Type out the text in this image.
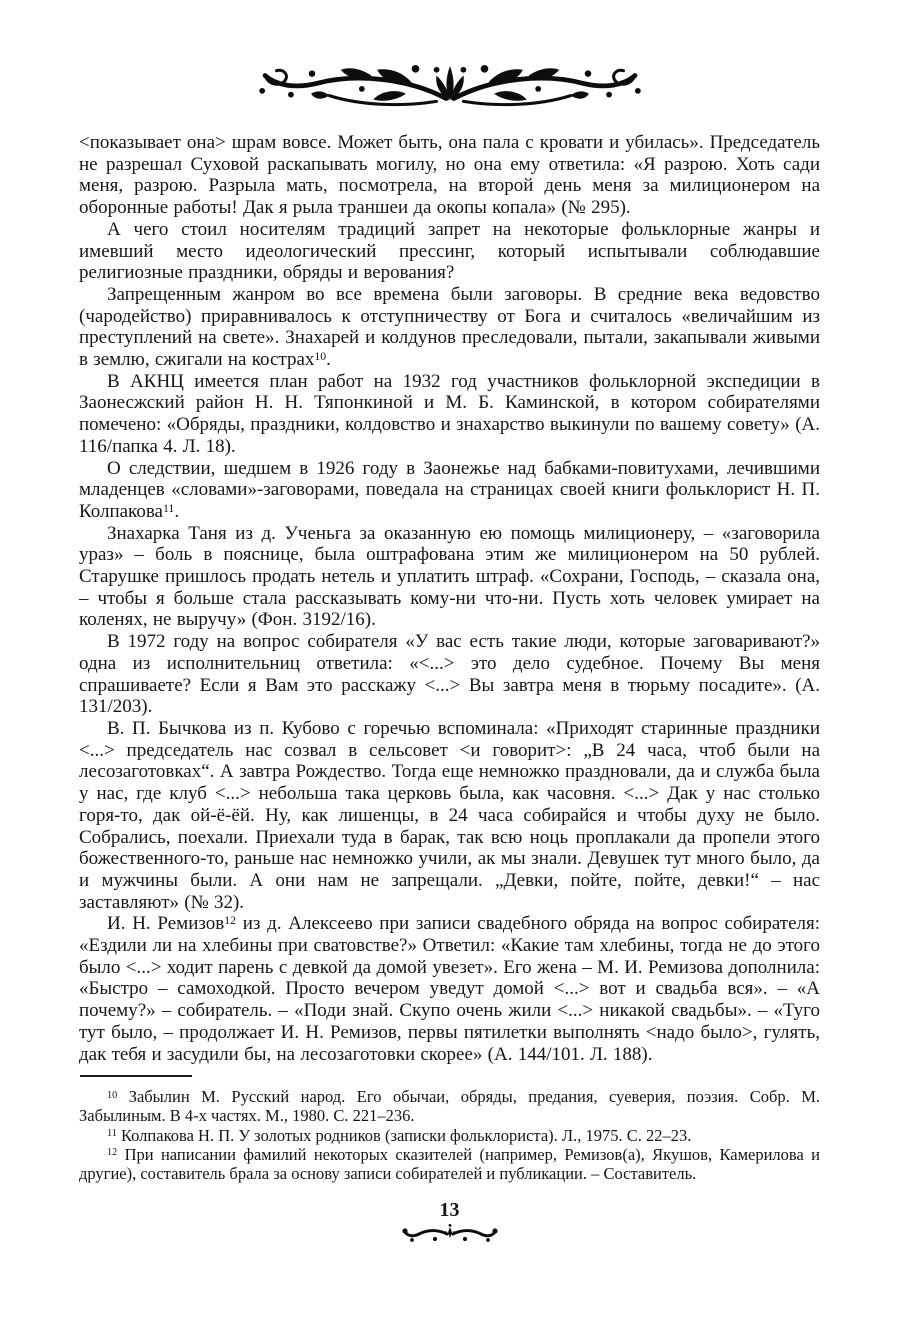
<показывает она> шрам вовсе. Может быть, она пала с кровати и убилась». Председатель не разрешал Суховой раскапывать могилу, но она ему ответила: «Я разрою. Хоть сади меня, разрою. Разрыла мать, посмотрела, на второй день меня за милиционером на оборонные работы! Дак я рыла траншеи да окопы копала» (№ 295).

А чего стоил носителям традиций запрет на некоторые фольклорные жанры и имевший место идеологический прессинг, который испытывали соблюдавшие религиозные праздники, обряды и верования?

Запрещенным жанром во все времена были заговоры. В средние века ведовство (чародейство) приравнивалось к отступничеству от Бога и считалось «величайшим из преступлений на свете». Знахарей и колдунов преследовали, пытали, закапывали живыми в землю, сжигали на кострах$^{10}$.

В АКНЦ имеется план работ на 1932 год участников фольклорной экспедиции в Заонесжский район Н. Н. Тяпонкиной и М. Б. Каминской, в котором собирателями помечено: «Обряды, праздники, колдовство и знахарство выкинули по вашему совету» (А. 116/папка 4. Л. 18).

О следствии, шедшем в 1926 году в Заонежье над бабками-повитухами, лечившими младенцев «словами»-заговорами, поведала на страницах своей книги фольклорист Н. П. Колпакова$^{11}$.

Знахарка Таня из д. Ученьга за оказанную ею помощь милиционеру, – «заговорила ураз» – боль в пояснице, была оштрафована этим же милиционером на 50 рублей. Старушке пришлось продать нетель и уплатить штраф. «Сохрани, Господь, – сказала она, – чтобы я больше стала рассказывать кому-ни что-ни. Пусть хоть человек умирает на коленях, не выручу» (Фон. 3192/16).

В 1972 году на вопрос собирателя «У вас есть такие люди, которые заговаривают?» одна из исполнительниц ответила: «<...> это дело судебное. Почему Вы меня спрашиваете? Если я Вам это расскажу <...> Вы завтра меня в тюрьму посадите». (А. 131/203).

В. П. Бычкова из п. Кубово с горечью вспоминала: «Приходят старинные праздники <...> председатель нас созвал в сельсовет <и говорит>: „В 24 часа, чтоб были на лесозаготовках“. А завтра Рождество. Тогда еще немножко праздновали, да и служба была у нас, где клуб <...> небольша така церковь была, как часовня. <...> Дак у нас столько горя-то, дак ой-ё-ёй. Ну, как лишенцы, в 24 часа собирайся и чтобы духу не было. Собрались, поехали. Приехали туда в барак, так всю ноць проплакали да пропели этого божественного-то, раньше нас немножко учили, ак мы знали. Девушек тут много было, да и мужчины были. А они нам не запрещали. „Девки, пойте, пойте, девки!“ – нас заставляют» (№ 32).

И. Н. Ремизов$^{12}$ из д. Алексеево при записи свадебного обряда на вопрос собирателя: «Ездили ли на хлебины при сватовстве?» Ответил: «Какие там хлебины, тогда не до этого было <...> ходит парень с девкой да домой увезет». Его жена – М. И. Ремизова дополнила: «Быстро – самоходкой. Просто вечером уведут домой <...> вот и свадьба вся». – «А почему?» – собиратель. – «Поди знай. Скупо очень жили <...> никакой свадьбы». – «Туго тут было, – продолжает И. Н. Ремизов, первы пятилетки выполнять <надо было>, гулять, дак тебя и засудили бы, на лесозаготовки скорее» (А. 144/101. Л. 188).

$^{10}$ Забылин М. Русский народ. Его обычаи, обряды, предания, суеверия, поэзия. Собр. М. Забылиным. В 4-х частях. М., 1980. С. 221–236.

$^{11}$ Колпакова Н. П. У золотых родников (записки фольклориста). Л., 1975. С. 22–23.

$^{12}$ При написании фамилий некоторых сказителей (например, Ремизов(а), Якушов, Камерилова и другие), составитель брала за основу записи собирателей и публикации. – Составитель.

13
